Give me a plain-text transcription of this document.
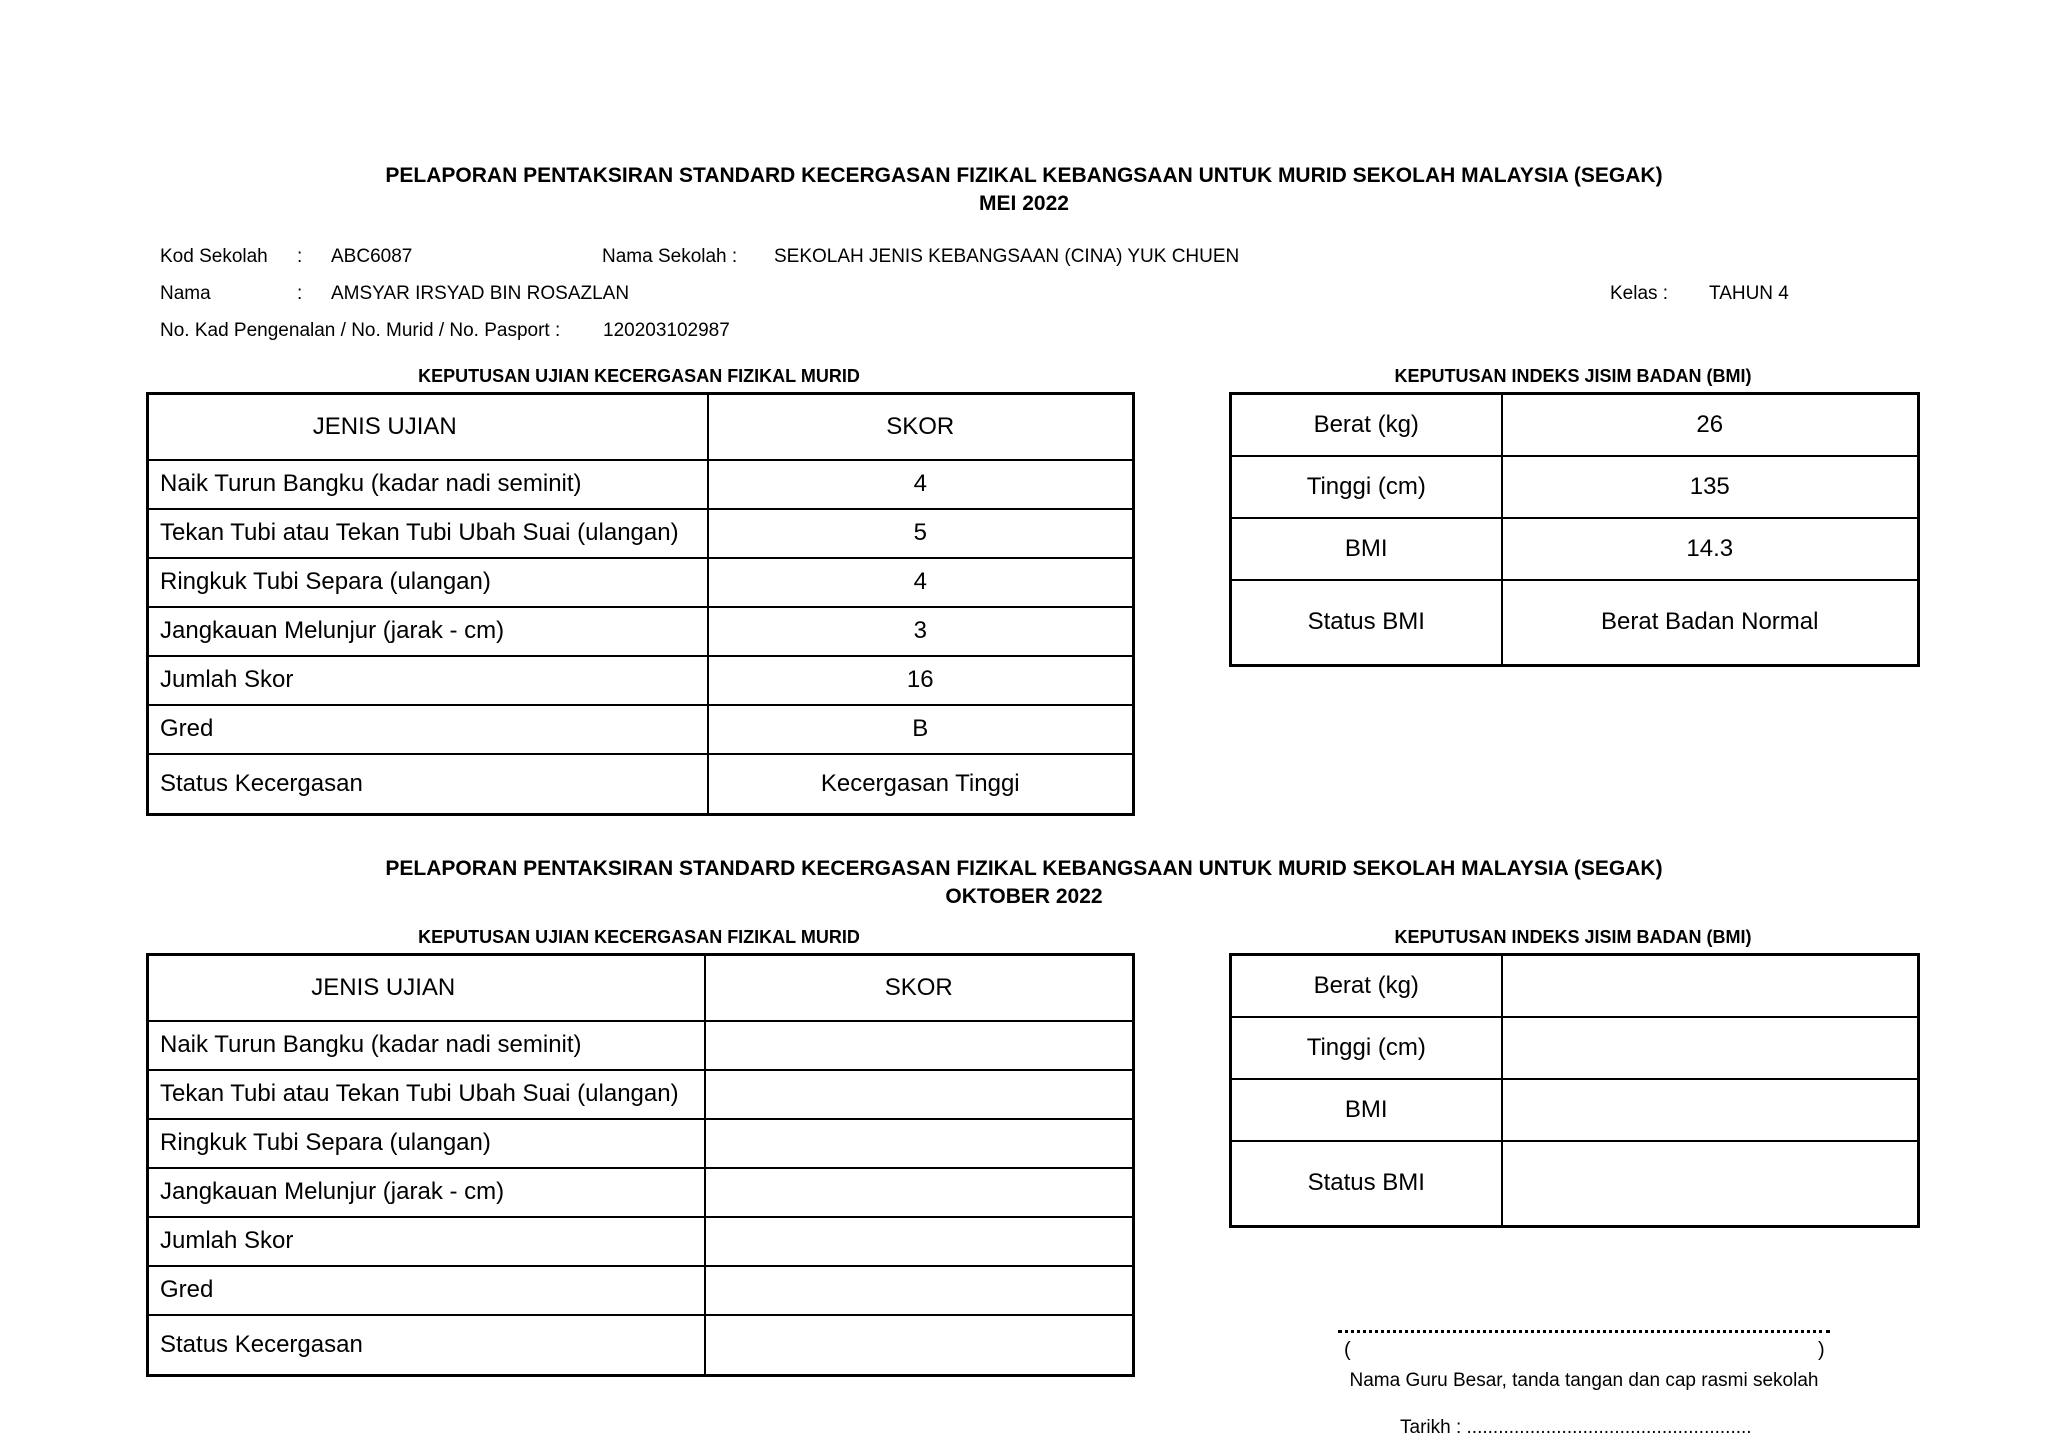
PELAPORAN PENTAKSIRAN STANDARD KECERGASAN FIZIKAL KEBANGSAAN UNTUK MURID SEKOLAH MALAYSIA (SEGAK)
MEI 2022
Kod Sekolah : ABC6087	Nama Sekolah : SEKOLAH JENIS KEBANGSAAN (CINA) YUK CHUEN
Nama	: AMSYAR IRSYAD BIN ROSAZLAN	Kelas : TAHUN 4
No. Kad Pengenalan / No. Murid / No. Pasport : 120203102987
KEPUTUSAN UJIAN KECERGASAN FIZIKAL MURID	KEPUTUSAN INDEKS JISIM BADAN (BMI)
JENIS UJIAN	SKOR
Naik Turun Bangku (kadar nadi seminit)	4
Tekan Tubi atau Tekan Tubi Ubah Suai (ulangan)	5
Ringkuk Tubi Separa (ulangan)	4
Jangkauan Melunjur (jarak - cm)	3
Jumlah Skor	16
Gred	B
Status Kecergasan	Kecergasan Tinggi
Berat (kg)	26
Tinggi (cm)	135
BMI	14.3
Status BMI	Berat Badan Normal
PELAPORAN PENTAKSIRAN STANDARD KECERGASAN FIZIKAL KEBANGSAAN UNTUK MURID SEKOLAH MALAYSIA (SEGAK)
OKTOBER 2022
KEPUTUSAN UJIAN KECERGASAN FIZIKAL MURID	KEPUTUSAN INDEKS JISIM BADAN (BMI)
JENIS UJIAN	SKOR
Naik Turun Bangku (kadar nadi seminit)	
Tekan Tubi atau Tekan Tubi Ubah Suai (ulangan)	
Ringkuk Tubi Separa (ulangan)	
Jangkauan Melunjur (jarak - cm)	
Jumlah Skor	
Gred	
Status Kecergasan	
Berat (kg)	
Tinggi (cm)	
BMI	
Status BMI	
(	)
Nama Guru Besar, tanda tangan dan cap rasmi sekolah
Tarikh : ......................................................
